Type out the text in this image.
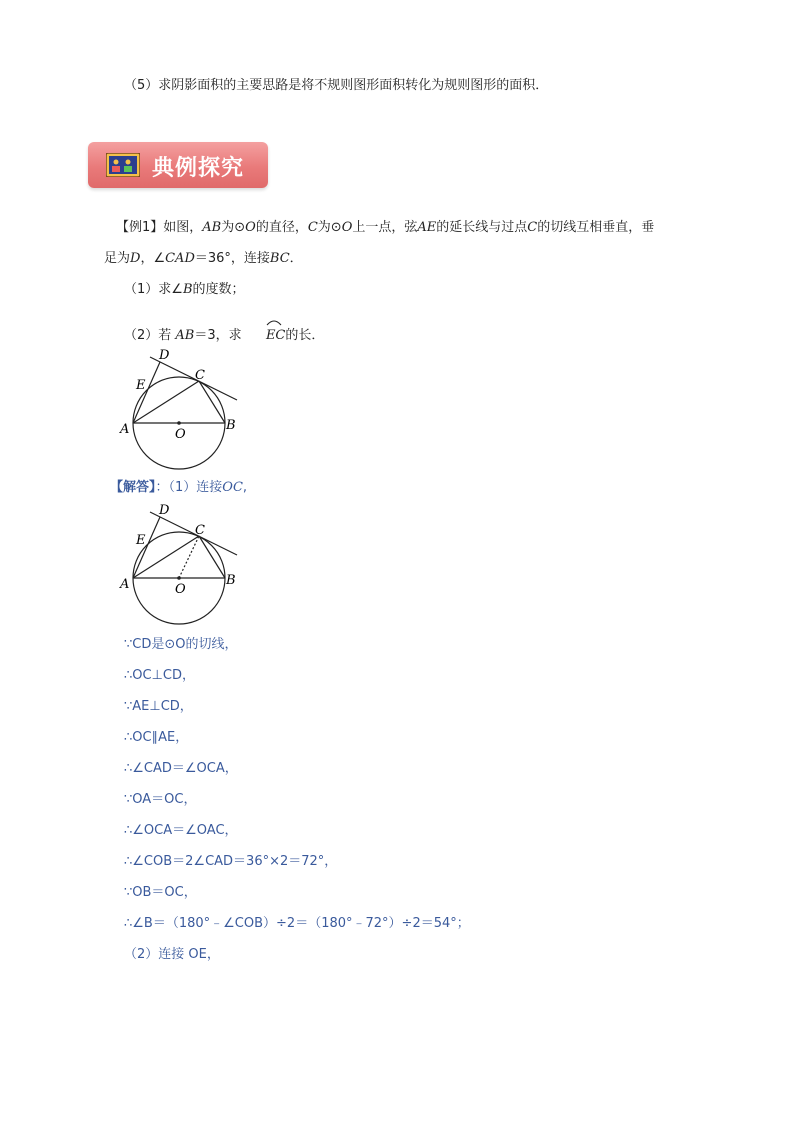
（5）求阴影面积的主要思路是将不规则图形面积转化为规则图形的面积．
典例探究
【例1】如图，AB为⊙O的直径，C为⊙O上一点，弦AE的延长线与过点C的切线互相垂直，垂
足为D，∠CAD＝36°，连接BC．
（1）求∠B的度数；
（2）若 AB＝3，求 EC的长．
D
E
C
A	O
B
【解答】：（1）连接OC,
D
E
C
A	O
B
∵CD是⊙O的切线，
∴OC⊥CD，
∵AE⊥CD，
∴OC∥AE，
∴∠CAD＝∠OCA，
∵OA＝OC，
∴∠OCA＝∠OAC，
∴∠COB＝2∠CAD＝36°×2＝72°，
∵OB＝OC，
∴∠B＝（180°﹣∠COB）÷2＝（180°﹣72°）÷2＝54°；
（2）连接 OE，
